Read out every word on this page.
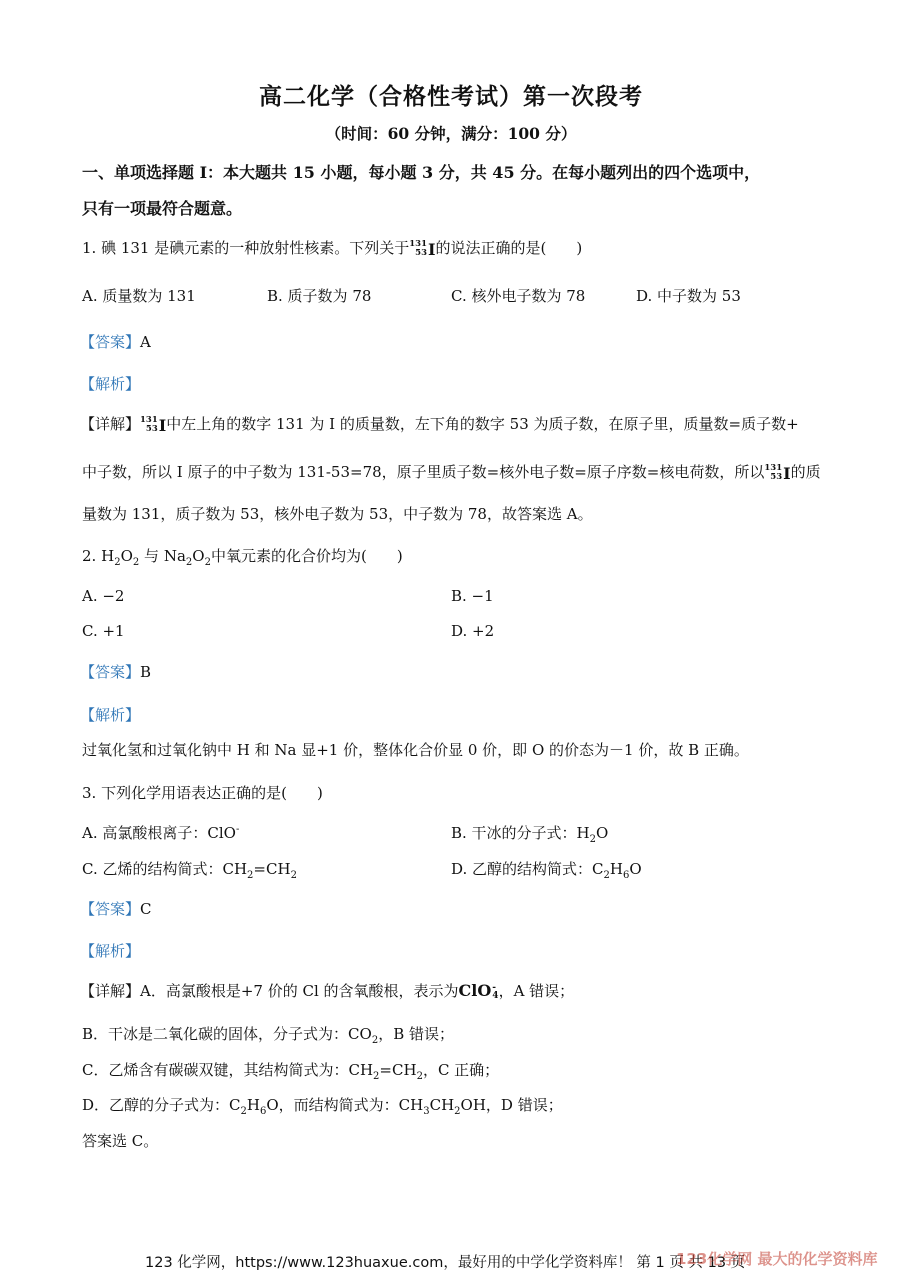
高二化学（合格性考试）第一次段考
（时间：60 分钟，满分：100 分）
一、单项选择题 I：本大题共 15 小题，每小题 3 分，共 45 分。在每小题列出的四个选项中，
只有一项最符合题意。
1. 碘 131 是碘元素的一种放射性核素。下列关于 131
53 I 的说法正确的是( )
A. 质量数为 131	B. 质子数为 78	C. 核外电子数为 78	D. 中子数为 53
【答案】A
【解析】
【详解】 131
53 I 中左上角的数字 131 为 I 的质量数，左下角的数字 53 为质子数，在原子里，质量数=质子数+
中子数，所以 I 原子的中子数为 131-53=78，原子里质子数=核外电子数=原子序数=核电荷数，所以 131
53 I 的质
量数为 131，质子数为 53，核外电子数为 53，中子数为 78，故答案选 A。
2. $H_2O_2$ 与 $Na_2O_2$中氧元素的化合价均为( )
A. −2	B. −1
C. +1	D. +2
【答案】B
【解析】
过氧化氢和过氧化钠中 H 和 Na 显+1 价，整体化合价显 0 价，即 O 的价态为－1 价，故 B 正确。
3. 下列化学用语表达正确的是( )
A. 高氯酸根离子：ClO-	B. 干冰的分子式：$H_2O$
C. 乙烯的结构简式：$CH_2=CH_2$	D. 乙醇的结构简式：$C_2H_6O$
【答案】C
【解析】
【详解】A．高氯酸根是+7 价的 Cl 的含氧酸根，表示为ClO -
4 ，A 错误；
B．干冰是二氧化碳的固体，分子式为：$CO_2$，B 错误；
C．乙烯含有碳碳双键，其结构简式为：$CH_2=CH_2$，C 正确；
D．乙醇的分子式为：$C_2H_6O$，而结构简式为：$CH_3CH_2OH$，D 错误；
答案选 C。
123 化学网，https://www.123huaxue.com，最好用的中学化学资料库！ 第 1 页 共 13 页
123化学网 最大的化学资料库
